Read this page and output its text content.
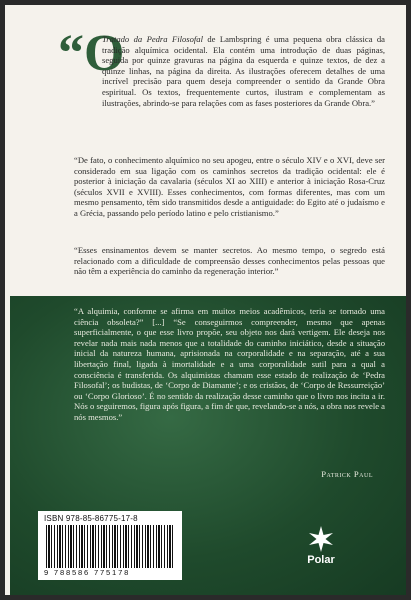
“O

Tratado da Pedra Filosofal de Lambspring é uma pequena obra clássica da tradição alquímica ocidental. Ela contém uma introdução de duas páginas, seguida por quinze gravuras na página da esquerda e quinze textos, de dez a quinze linhas, na página da direita. As ilustrações oferecem detalhes de uma incrível precisão para quem deseja compreender o sentido da Grande Obra espiritual. Os textos, frequentemente curtos, ilustram e complementam as ilustrações, abrindo-se para relações com as fases posteriores da Grande Obra.”

“De fato, o conhecimento alquímico no seu apogeu, entre o século XIV e o XVI, deve ser considerado em sua ligação com os caminhos secretos da tradição ocidental: ele é posterior à iniciação da cavalaria (séculos XI ao XIII) e anterior à iniciação Rosa-Cruz (séculos XVII e XVIII). Esses conhecimentos, com formas diferentes, mas com um mesmo pensamento, têm sido transmitidos desde a antiguidade: do Egito até o judaísmo e a Grécia, passando pelo período latino e pelo cristianismo.”

“Esses ensinamentos devem se manter secretos. Ao mesmo tempo, o segredo está relacionado com a dificuldade de compreensão desses conhecimentos pelas pessoas que não têm a experiência do caminho da regeneração interior.”

“A alquimia, conforme se afirma em muitos meios acadêmicos, teria se tornado uma ciência obsoleta?” [...] “Se conseguirmos compreender, mesmo que apenas superficialmente, o que esse livro propõe, seu objeto nos dará vertigem. Ele deseja nos revelar nada mais nada menos que a totalidade do caminho iniciático, desde a situação inicial da natureza humana, aprisionada na corporalidade e na separação, até a sua libertação final, ligada à imortalidade e a uma corporalidade sutil para a qual a consciência é transferida. Os alquimistas chamam esse estado de realização de ‘Pedra Filosofal’; os budistas, de ‘Corpo de Diamante’; e os cristãos, de ‘Corpo de Ressurreição’ ou ‘Corpo Glorioso’. É no sentido da realização desse caminho que o livro nos incita a ir. Nós o seguiremos, figura após figura, a fim de que, revelando-se a nós, a obra nos revele a nós mesmos.”

Patrick Paul
ISBN 978-85-86775-17-8
9 788586 775178
Polar
